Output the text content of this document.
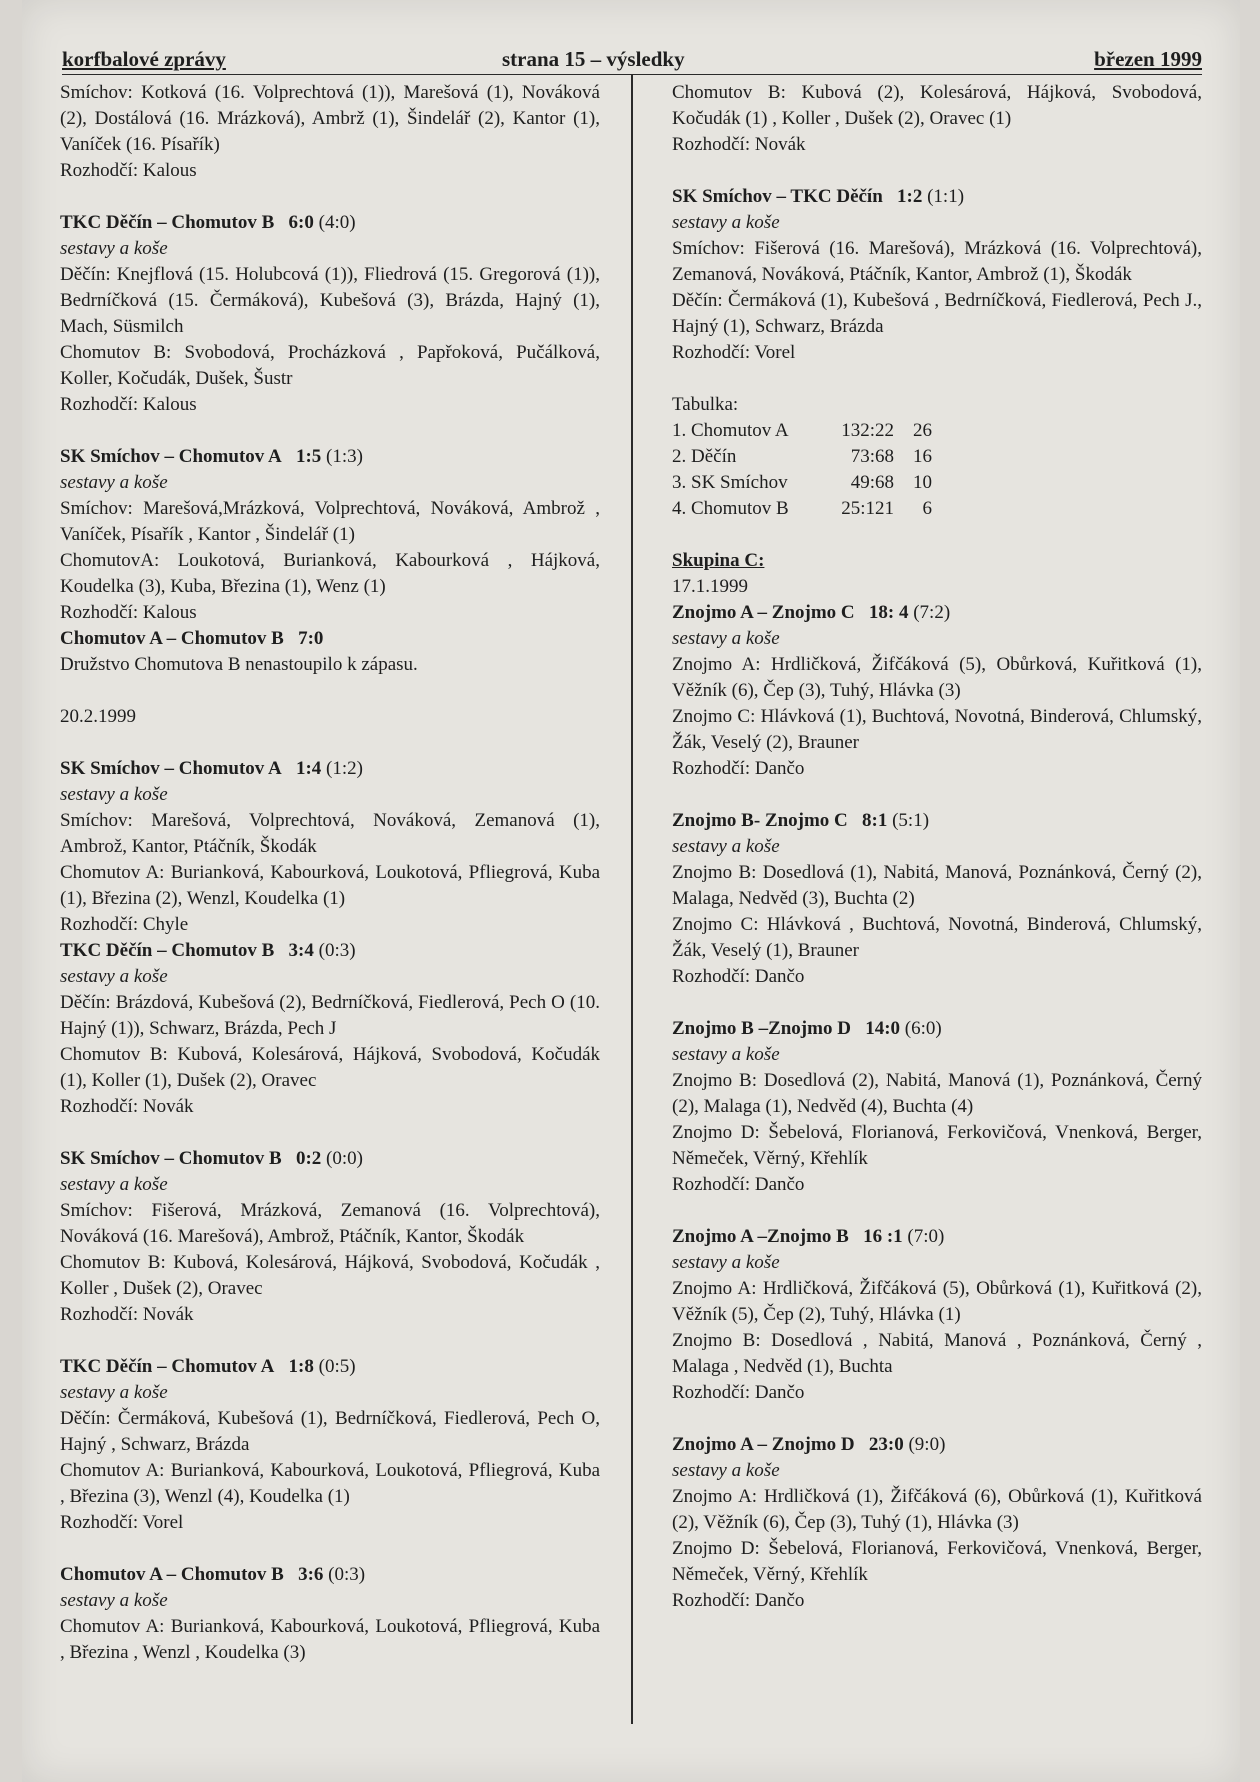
korfbalové zprávy	strana 15 – výsledky	březen 1999
Smíchov: Kotková (16. Volprechtová (1)), Marešová (1), Nováková (2), Dostálová (16. Mrázková), Ambrž (1), Šindelář (2), Kantor (1), Vaníček (16. Písařík)
Rozhodčí: Kalous
TKC Děčín – Chomutov B 6:0 (4:0)
sestavy a koše
Děčín: Knejflová (15. Holubcová (1)), Fliedrová (15. Gregorová (1)), Bedrníčková (15. Čermáková), Kubešová (3), Brázda, Hajný (1), Mach, Süsmilch
Chomutov B: Svobodová, Procházková , Papřoková, Pučálková, Koller, Kočudák, Dušek, Šustr
Rozhodčí: Kalous
SK Smíchov – Chomutov A 1:5 (1:3)
sestavy a koše
Smíchov: Marešová,Mrázková, Volprechtová, Nováková, Ambrož , Vaníček, Písařík , Kantor , Šindelář (1)
ChomutovA: Loukotová, Burianková, Kabourková , Hájková, Koudelka (3), Kuba, Březina (1), Wenz (1)
Rozhodčí: Kalous
Chomutov A – Chomutov B 7:0
Družstvo Chomutova B nenastoupilo k zápasu.
20.2.1999
SK Smíchov – Chomutov A 1:4 (1:2)
sestavy a koše
Smíchov: Marešová, Volprechtová, Nováková, Zemanová (1), Ambrož, Kantor, Ptáčník, Škodák
Chomutov A: Burianková, Kabourková, Loukotová, Pfliegrová, Kuba (1), Březina (2), Wenzl, Koudelka (1)
Rozhodčí: Chyle
TKC Děčín – Chomutov B 3:4 (0:3)
sestavy a koše
Děčín: Brázdová, Kubešová (2), Bedrníčková, Fiedlerová, Pech O (10. Hajný (1)), Schwarz, Brázda, Pech J
Chomutov B: Kubová, Kolesárová, Hájková, Svobodová, Kočudák (1), Koller (1), Dušek (2), Oravec
Rozhodčí: Novák
SK Smíchov – Chomutov B 0:2 (0:0)
sestavy a koše
Smíchov: Fišerová, Mrázková, Zemanová (16. Volprechtová), Nováková (16. Marešová), Ambrož, Ptáčník, Kantor, Škodák
Chomutov B: Kubová, Kolesárová, Hájková, Svobodová, Kočudák , Koller , Dušek (2), Oravec
Rozhodčí: Novák
TKC Děčín – Chomutov A 1:8 (0:5)
sestavy a koše
Děčín: Čermáková, Kubešová (1), Bedrníčková, Fiedlerová, Pech O, Hajný , Schwarz, Brázda
Chomutov A: Burianková, Kabourková, Loukotová, Pfliegrová, Kuba , Březina (3), Wenzl (4), Koudelka (1)
Rozhodčí: Vorel
Chomutov A – Chomutov B 3:6 (0:3)
sestavy a koše
Chomutov A: Burianková, Kabourková, Loukotová, Pfliegrová, Kuba , Březina , Wenzl , Koudelka (3)
Chomutov B: Kubová (2), Kolesárová, Hájková, Svobodová, Kočudák (1) , Koller , Dušek (2), Oravec (1)
Rozhodčí: Novák
SK Smíchov – TKC Děčín 1:2 (1:1)
sestavy a koše
Smíchov: Fišerová (16. Marešová), Mrázková (16. Volprechtová), Zemanová, Nováková, Ptáčník, Kantor, Ambrož (1), Škodák
Děčín: Čermáková (1), Kubešová , Bedrníčková, Fiedlerová, Pech J., Hajný (1), Schwarz, Brázda
Rozhodčí: Vorel
Tabulka:
1. Chomutov A	132:22	26
2. Děčín	73:68	16
3. SK Smíchov	49:68	10
4. Chomutov B	25:121	6
Skupina C:
17.1.1999
Znojmo A – Znojmo C 18: 4 (7:2)
sestavy a koše
Znojmo A: Hrdličková, Žifčáková (5), Obůrková, Kuřitková (1), Věžník (6), Čep (3), Tuhý, Hlávka (3)
Znojmo C: Hlávková (1), Buchtová, Novotná, Binderová, Chlumský, Žák, Veselý (2), Brauner
Rozhodčí: Dančo
Znojmo B- Znojmo C 8:1 (5:1)
sestavy a koše
Znojmo B: Dosedlová (1), Nabitá, Manová, Poznánková, Černý (2), Malaga, Nedvěd (3), Buchta (2)
Znojmo C: Hlávková , Buchtová, Novotná, Binderová, Chlumský, Žák, Veselý (1), Brauner
Rozhodčí: Dančo
Znojmo B –Znojmo D 14:0 (6:0)
sestavy a koše
Znojmo B: Dosedlová (2), Nabitá, Manová (1), Poznánková, Černý (2), Malaga (1), Nedvěd (4), Buchta (4)
Znojmo D: Šebelová, Florianová, Ferkovičová, Vnenková, Berger, Němeček, Věrný, Křehlík
Rozhodčí: Dančo
Znojmo A –Znojmo B 16 :1 (7:0)
sestavy a koše
Znojmo A: Hrdličková, Žifčáková (5), Obůrková (1), Kuřitková (2), Věžník (5), Čep (2), Tuhý, Hlávka (1)
Znojmo B: Dosedlová , Nabitá, Manová , Poznánková, Černý , Malaga , Nedvěd (1), Buchta
Rozhodčí: Dančo
Znojmo A – Znojmo D 23:0 (9:0)
sestavy a koše
Znojmo A: Hrdličková (1), Žifčáková (6), Obůrková (1), Kuřitková (2), Věžník (6), Čep (3), Tuhý (1), Hlávka (3)
Znojmo D: Šebelová, Florianová, Ferkovičová, Vnenková, Berger, Němeček, Věrný, Křehlík
Rozhodčí: Dančo
